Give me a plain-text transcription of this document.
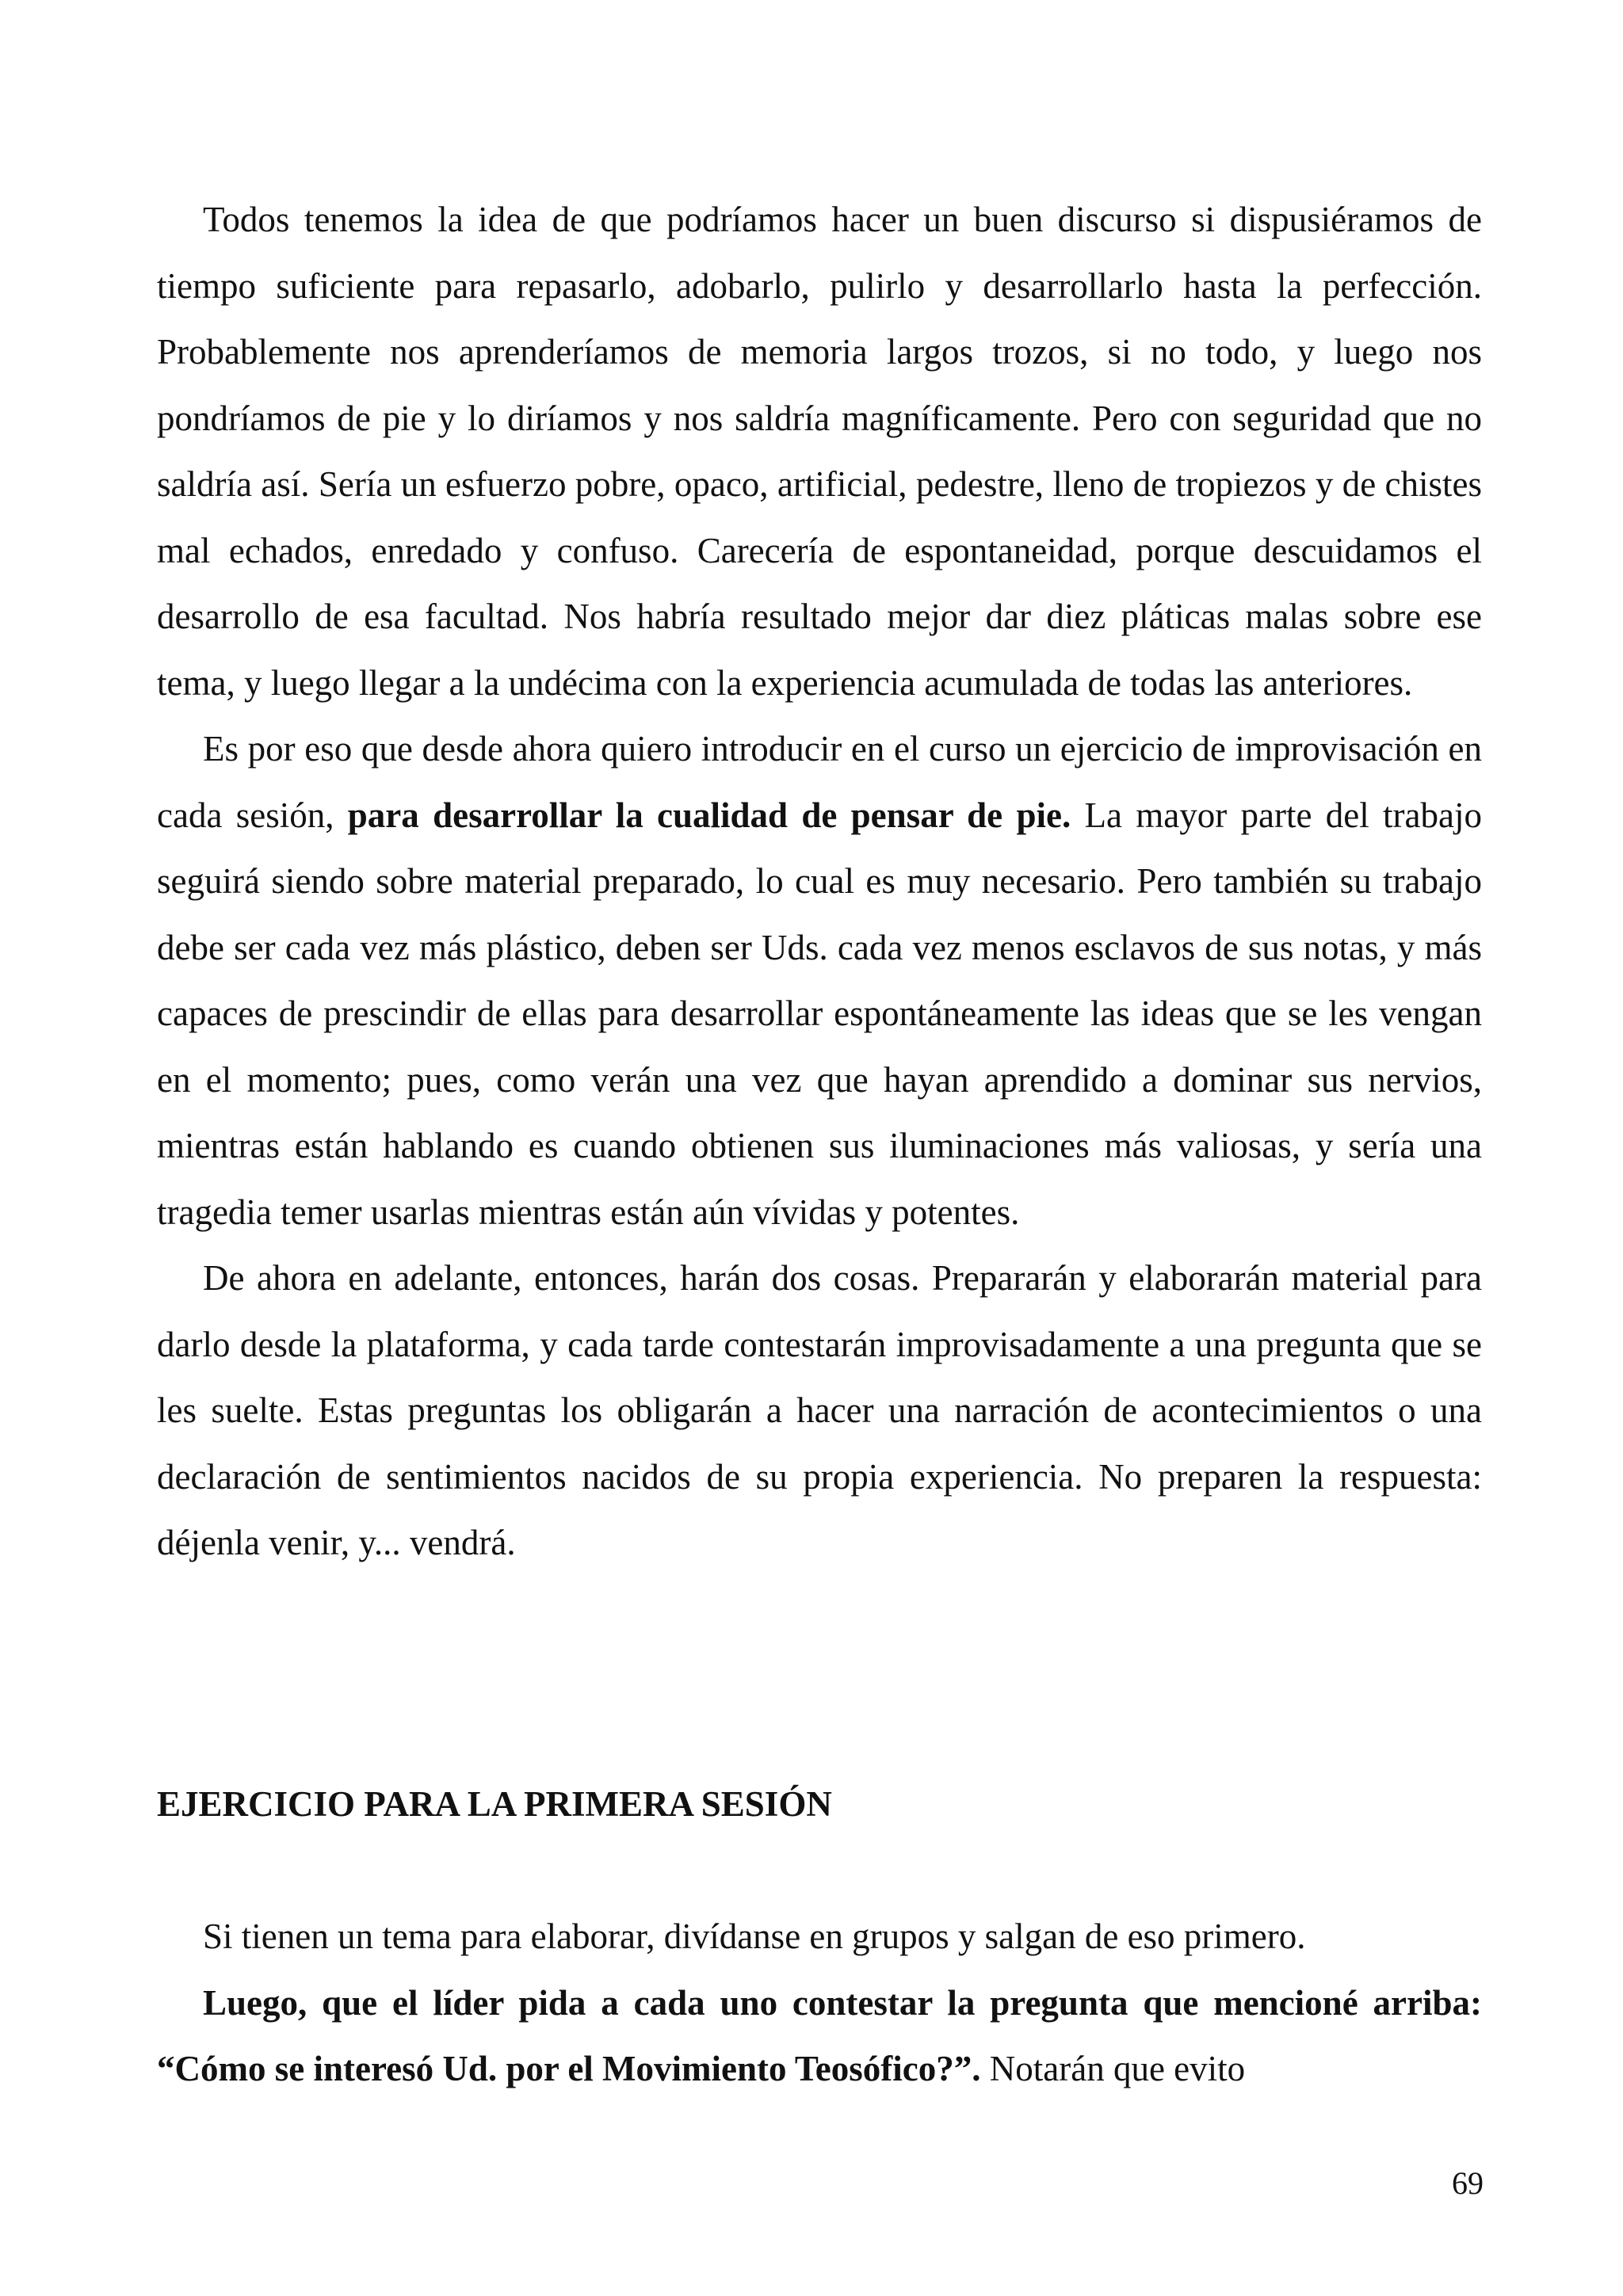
Todos tenemos la idea de que podríamos hacer un buen discurso si dispusiéramos de tiempo suficiente para repasarlo, adobarlo, pulirlo y desarrollarlo hasta la perfección. Probablemente nos aprenderíamos de memoria largos trozos, si no todo, y luego nos pondríamos de pie y lo diríamos y nos saldría magníficamente. Pero con seguridad que no saldría así. Sería un esfuerzo pobre, opaco, artificial, pedestre, lleno de tropiezos y de chistes mal echados, enredado y confuso. Carecería de espontaneidad, porque descuidamos el desarrollo de esa facultad. Nos habría resultado mejor dar diez pláticas malas sobre ese tema, y luego llegar a la undécima con la experiencia acumulada de todas las anteriores.

Es por eso que desde ahora quiero introducir en el curso un ejercicio de improvisación en cada sesión, para desarrollar la cualidad de pensar de pie. La mayor parte del trabajo seguirá siendo sobre material preparado, lo cual es muy necesario. Pero también su trabajo debe ser cada vez más plástico, deben ser Uds. cada vez menos esclavos de sus notas, y más capaces de prescindir de ellas para desarrollar espontáneamente las ideas que se les vengan en el momento; pues, como verán una vez que hayan aprendido a dominar sus nervios, mientras están hablando es cuando obtienen sus iluminaciones más valiosas, y sería una tragedia temer usarlas mientras están aún vívidas y potentes.

De ahora en adelante, entonces, harán dos cosas. Prepararán y elaborarán material para darlo desde la plataforma, y cada tarde contestarán improvisadamente a una pregunta que se les suelte. Estas preguntas los obligarán a hacer una narración de acontecimientos o una declaración de sentimientos nacidos de su propia experiencia. No preparen la respuesta: déjenla venir, y... vendrá.

EJERCICIO PARA LA PRIMERA SESIÓN

Si tienen un tema para elaborar, divídanse en grupos y salgan de eso primero.

Luego, que el líder pida a cada uno contestar la pregunta que mencioné arriba: “Cómo se interesó Ud. por el Movimiento Teosófico?”. Notarán que evito

69
